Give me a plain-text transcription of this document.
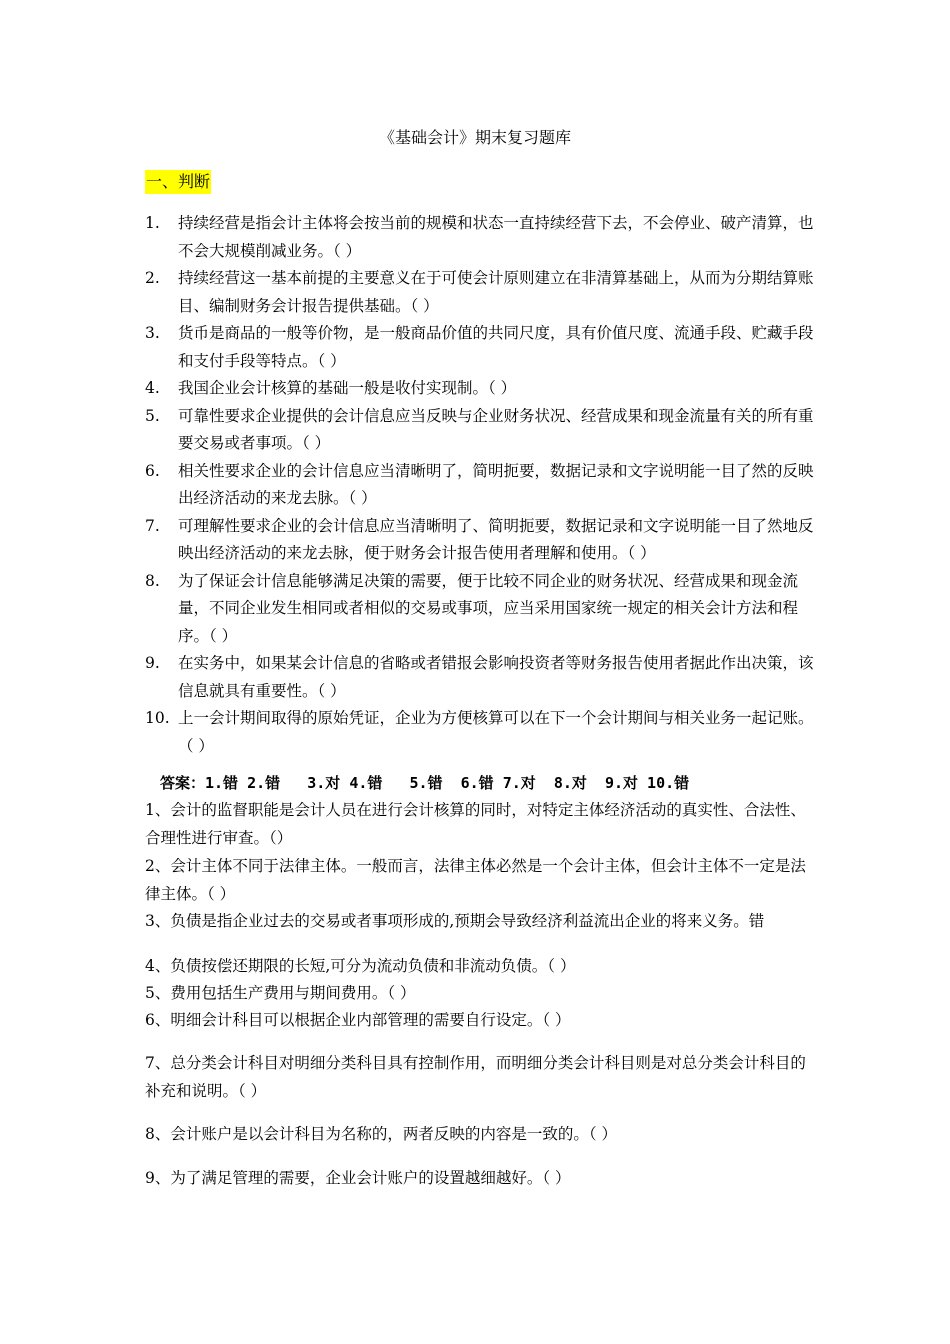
《基础会计》期末复习题库
一、判断
1.	持续经营是指会计主体将会按当前的规模和状态一直持续经营下去，不会停业、破产清算，也不会大规模削减业务。（ ）
2.	持续经营这一基本前提的主要意义在于可使会计原则建立在非清算基础上，从而为分期结算账目、编制财务会计报告提供基础。（ ）
3.	货币是商品的一般等价物，是一般商品价值的共同尺度，具有价值尺度、流通手段、贮藏手段和支付手段等特点。（ ）
4.	我国企业会计核算的基础一般是收付实现制。（ ）
5.	可靠性要求企业提供的会计信息应当反映与企业财务状况、经营成果和现金流量有关的所有重要交易或者事项。（ ）
6.	相关性要求企业的会计信息应当清晰明了，简明扼要，数据记录和文字说明能一目了然的反映出经济活动的来龙去脉。（ ）
7.	可理解性要求企业的会计信息应当清晰明了、简明扼要，数据记录和文字说明能一目了然地反映出经济活动的来龙去脉，便于财务会计报告使用者理解和使用。（ ）
8.	为了保证会计信息能够满足决策的需要，便于比较不同企业的财务状况、经营成果和现金流量，不同企业发生相同或者相似的交易或事项，应当采用国家统一规定的相关会计方法和程序。（ ）
9.	在实务中，如果某会计信息的省略或者错报会影响投资者等财务报告使用者据此作出决策，该信息就具有重要性。（ ）
10. 上一会计期间取得的原始凭证，企业为方便核算可以在下一个会计期间与相关业务一起记账。（ ）
答案：1.错 2.错   3.对 4.错   5.错  6.错 7.对  8.对  9.对 10.错
1、会计的监督职能是会计人员在进行会计核算的同时，对特定主体经济活动的真实性、合法性、合理性进行审查。（）
2、会计主体不同于法律主体。一般而言，法律主体必然是一个会计主体，但会计主体不一定是法律主体。（ ）
3、负债是指企业过去的交易或者事项形成的,预期会导致经济利益流出企业的将来义务。错
4、负债按偿还期限的长短,可分为流动负债和非流动负债。（ ）
5、费用包括生产费用与期间费用。（ ）
6、明细会计科目可以根据企业内部管理的需要自行设定。（ ）
7、总分类会计科目对明细分类科目具有控制作用，而明细分类会计科目则是对总分类会计科目的补充和说明。（ ）
8、会计账户是以会计科目为名称的，两者反映的内容是一致的。（ ）
9、为了满足管理的需要，企业会计账户的设置越细越好。（ ）
